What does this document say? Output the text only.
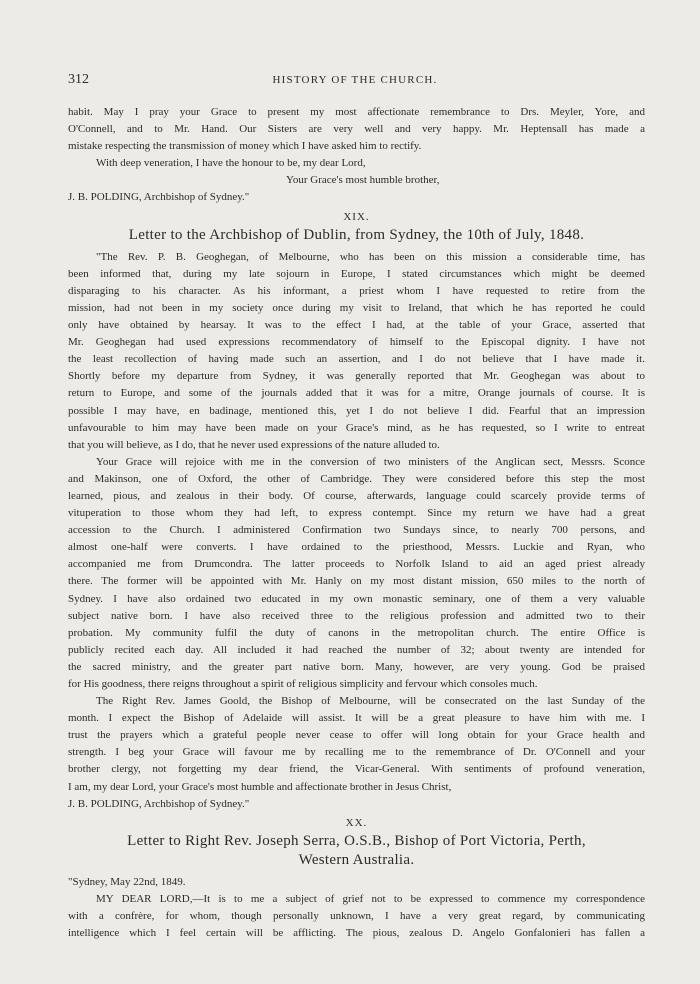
312	HISTORY OF THE CHURCH.

habit. May I pray your Grace to present my most affectionate remembrance to Drs. Meyler, Yore, and

O'Connell, and to Mr. Hand. Our Sisters are very well and very happy. Mr. Heptensall has made a

mistake respecting the transmission of money which I have asked him to rectify.

With deep veneration, I have the honour to be, my dear Lord,

Your Grace's most humble brother,

J. B. POLDING, Archbishop of Sydney."

XIX.
Letter to the Archbishop of Dublin, from Sydney, the 10th of July, 1848.

"The Rev. P. B. Geoghegan, of Melbourne, who has been on this mission a considerable time, has

been informed that, during my late sojourn in Europe, I stated circumstances which might be deemed

disparaging to his character. As his informant, a priest whom I have requested to retire from the

mission, had not been in my society once during my visit to Ireland, that which he has reported he could

only have obtained by hearsay. It was to the effect I had, at the table of your Grace, asserted that

Mr. Geoghegan had used expressions recommendatory of himself to the Episcopal dignity. I have not

the least recollection of having made such an assertion, and I do not believe that I have made it.

Shortly before my departure from Sydney, it was generally reported that Mr. Geoghegan was about to

return to Europe, and some of the journals added that it was for a mitre, Orange journals of course. It is

possible I may have, en badinage, mentioned this, yet I do not believe I did. Fearful that an impression

unfavourable to him may have been made on your Grace's mind, as he has requested, so I write to entreat

that you will believe, as I do, that he never used expressions of the nature alluded to.

Your Grace will rejoice with me in the conversion of two ministers of the Anglican sect, Messrs. Sconce

and Makinson, one of Oxford, the other of Cambridge. They were considered before this step the most

learned, pious, and zealous in their body. Of course, afterwards, language could scarcely provide terms of

vituperation to those whom they had left, to express contempt. Since my return we have had a great

accession to the Church. I administered Confirmation two Sundays since, to nearly 700 persons, and

almost one-half were converts. I have ordained to the priesthood, Messrs. Luckie and Ryan, who

accompanied me from Drumcondra. The latter proceeds to Norfolk Island to aid an aged priest already

there. The former will be appointed with Mr. Hanly on my most distant mission, 650 miles to the north of

Sydney. I have also ordained two educated in my own monastic seminary, one of them a very valuable

subject native born. I have also received three to the religious profession and admitted two to their

probation. My community fulfil the duty of canons in the metropolitan church. The entire Office is

publicly recited each day. All included it had reached the number of 32; about twenty are intended for

the sacred ministry, and the greater part native born. Many, however, are very young. God be praised

for His goodness, there reigns throughout a spirit of religious simplicity and fervour which consoles much.

The Right Rev. James Goold, the Bishop of Melbourne, will be consecrated on the last Sunday of the

month. I expect the Bishop of Adelaide will assist. It will be a great pleasure to have him with me. I

trust the prayers which a grateful people never cease to offer will long obtain for your Grace health and

strength. I beg your Grace will favour me by recalling me to the remembrance of Dr. O'Connell and your

brother clergy, not forgetting my dear friend, the Vicar-General. With sentiments of profound veneration,

I am, my dear Lord, your Grace's most humble and affectionate brother in Jesus Christ,

J. B. POLDING, Archbishop of Sydney."

XX.
Letter to Right Rev. Joseph Serra, O.S.B., Bishop of Port Victoria, Perth,
Western Australia.

"Sydney, May 22nd, 1849.

MY DEAR LORD,—It is to me a subject of grief not to be expressed to commence my correspondence

with a confrère, for whom, though personally unknown, I have a very great regard, by communicating

intelligence which I feel certain will be afflicting. The pious, zealous D. Angelo Gonfalonieri has fallen a
